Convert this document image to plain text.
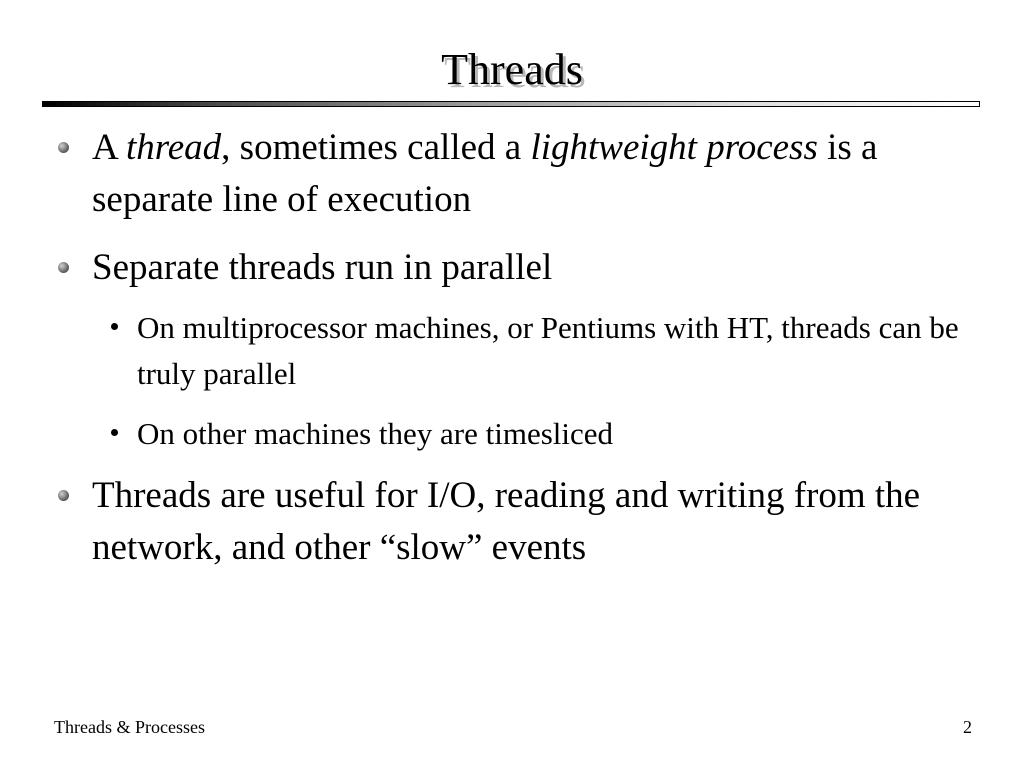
Threads
A thread, sometimes called a lightweight process is a separate line of execution
Separate threads run in parallel
On multiprocessor machines, or Pentiums with HT, threads can be truly parallel
On other machines they are timesliced
Threads are useful for I/O, reading and writing from the network, and other “slow” events
Threads & Processes	2
